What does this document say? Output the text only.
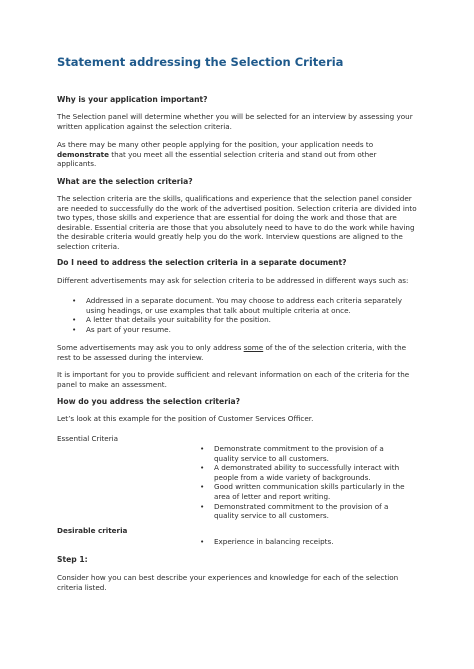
Statement addressing the Selection Criteria
Why is your application important?

The Selection panel will determine whether you will be selected for an interview by assessing your written application against the selection criteria.

As there may be many other people applying for the position, your application needs to demonstrate that you meet all the essential selection criteria and stand out from other applicants.

What are the selection criteria?

The selection criteria are the skills, qualifications and experience that the selection panel consider are needed to successfully do the work of the advertised position. Selection criteria are divided into two types, those skills and experience that are essential for doing the work and those that are desirable. Essential criteria are those that you absolutely need to have to do the work while having the desirable criteria would greatly help you do the work. Interview questions are aligned to the selection criteria.

Do I need to address the selection criteria in a separate document?

Different advertisements may ask for selection criteria to be addressed in different ways such as:

• Addressed in a separate document. You may choose to address each criteria separately using headings, or use examples that talk about multiple criteria at once.
• A letter that details your suitability for the position.
• As part of your resume.

Some advertisements may ask you to only address some of the of the selection criteria, with the rest to be assessed during the interview.

It is important for you to provide sufficient and relevant information on each of the criteria for the panel to make an assessment.

How do you address the selection criteria?

Let’s look at this example for the position of Customer Services Officer.

Essential Criteria
• Demonstrate commitment to the provision of a quality service to all customers.
• A demonstrated ability to successfully interact with people from a wide variety of backgrounds.
• Good written communication skills particularly in the area of letter and report writing.
• Demonstrated commitment to the provision of a quality service to all customers.
Desirable criteria
• Experience in balancing receipts.
Step 1:

Consider how you can best describe your experiences and knowledge for each of the selection criteria listed.
